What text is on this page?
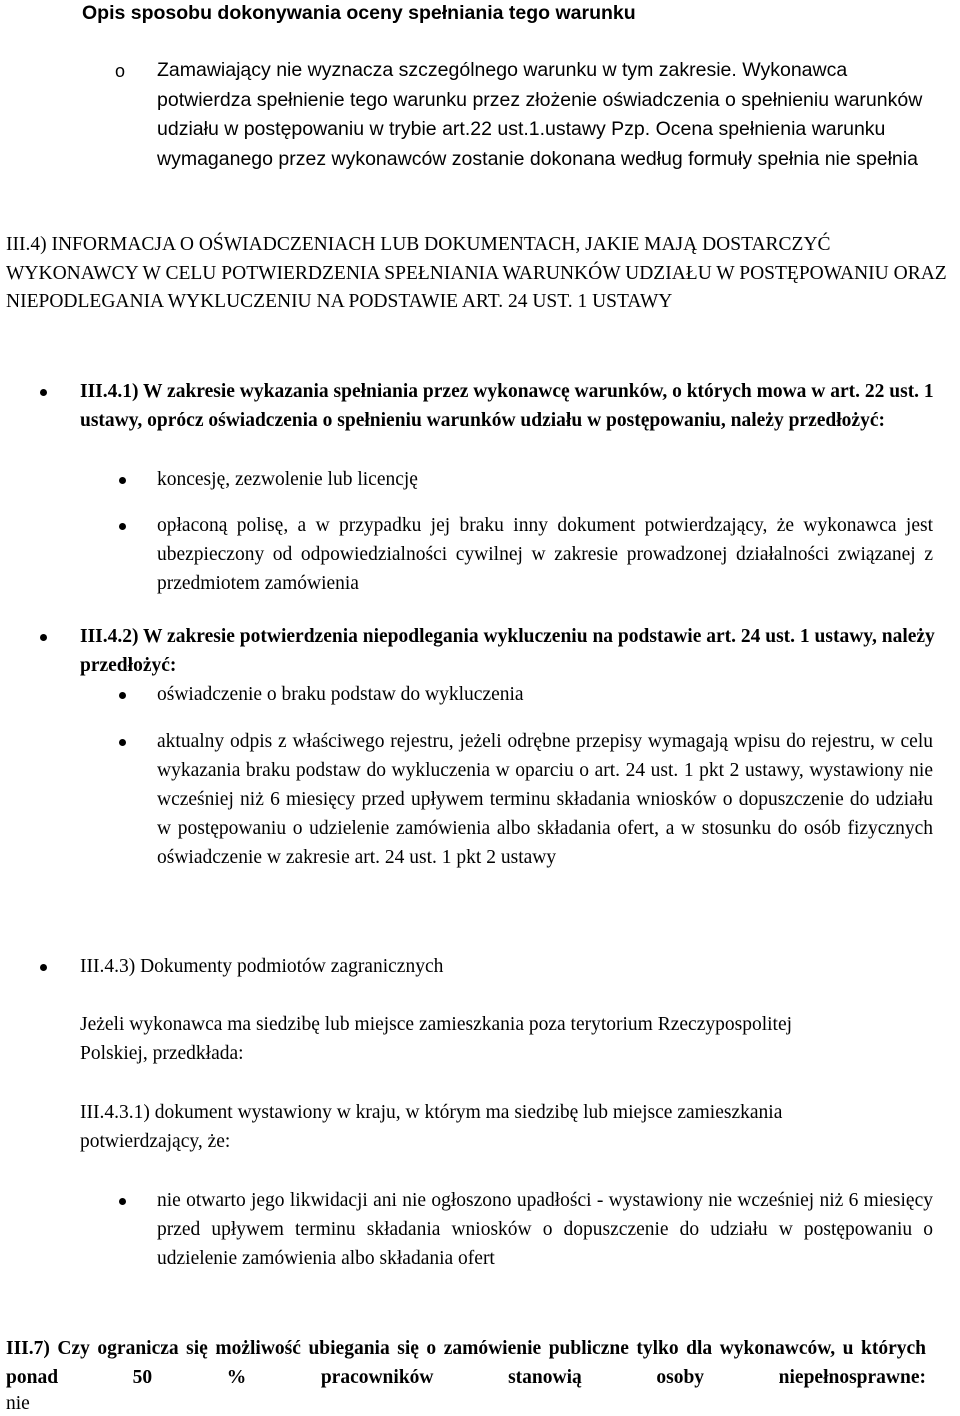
Opis sposobu dokonywania oceny spełniania tego warunku
o Zamawiający nie wyznacza szczególnego warunku w tym zakresie. Wykonawca potwierdza spełnienie tego warunku przez złożenie oświadczenia o spełnieniu warunków udziału w postępowaniu w trybie art.22 ust.1.ustawy Pzp. Ocena spełnienia warunku wymaganego przez wykonawców zostanie dokonana według formuły spełnia nie spełnia
III.4) INFORMACJA O OŚWIADCZENIACH LUB DOKUMENTACH, JAKIE MAJĄ DOSTARCZYĆ WYKONAWCY W CELU POTWIERDZENIA SPEŁNIANIA WARUNKÓW UDZIAŁU W POSTĘPOWANIU ORAZ NIEPODLEGANIA WYKLUCZENIU NA PODSTAWIE ART. 24 UST. 1 USTAWY
III.4.1) W zakresie wykazania spełniania przez wykonawcę warunków, o których mowa w art. 22 ust. 1 ustawy, oprócz oświadczenia o spełnieniu warunków udziału w postępowaniu, należy przedłożyć:
koncesję, zezwolenie lub licencję
opłaconą polisę, a w przypadku jej braku inny dokument potwierdzający, że wykonawca jest ubezpieczony od odpowiedzialności cywilnej w zakresie prowadzonej działalności związanej z przedmiotem zamówienia
III.4.2) W zakresie potwierdzenia niepodlegania wykluczeniu na podstawie art. 24 ust. 1 ustawy, należy przedłożyć:
oświadczenie o braku podstaw do wykluczenia
aktualny odpis z właściwego rejestru, jeżeli odrębne przepisy wymagają wpisu do rejestru, w celu wykazania braku podstaw do wykluczenia w oparciu o art. 24 ust. 1 pkt 2 ustawy, wystawiony nie wcześniej niż 6 miesięcy przed upływem terminu składania wniosków o dopuszczenie do udziału w postępowaniu o udzielenie zamówienia albo składania ofert, a w stosunku do osób fizycznych oświadczenie w zakresie art. 24 ust. 1 pkt 2 ustawy
III.4.3) Dokumenty podmiotów zagranicznych
Jeżeli wykonawca ma siedzibę lub miejsce zamieszkania poza terytorium Rzeczypospolitej Polskiej, przedkłada:
III.4.3.1) dokument wystawiony w kraju, w którym ma siedzibę lub miejsce zamieszkania potwierdzający, że:
nie otwarto jego likwidacji ani nie ogłoszono upadłości - wystawiony nie wcześniej niż 6 miesięcy przed upływem terminu składania wniosków o dopuszczenie do udziału w postępowaniu o udzielenie zamówienia albo składania ofert
III.7) Czy ogranicza się możliwość ubiegania się o zamówienie publiczne tylko dla wykonawców, u których ponad 50 % pracowników stanowią osoby niepełnosprawne:
nie
